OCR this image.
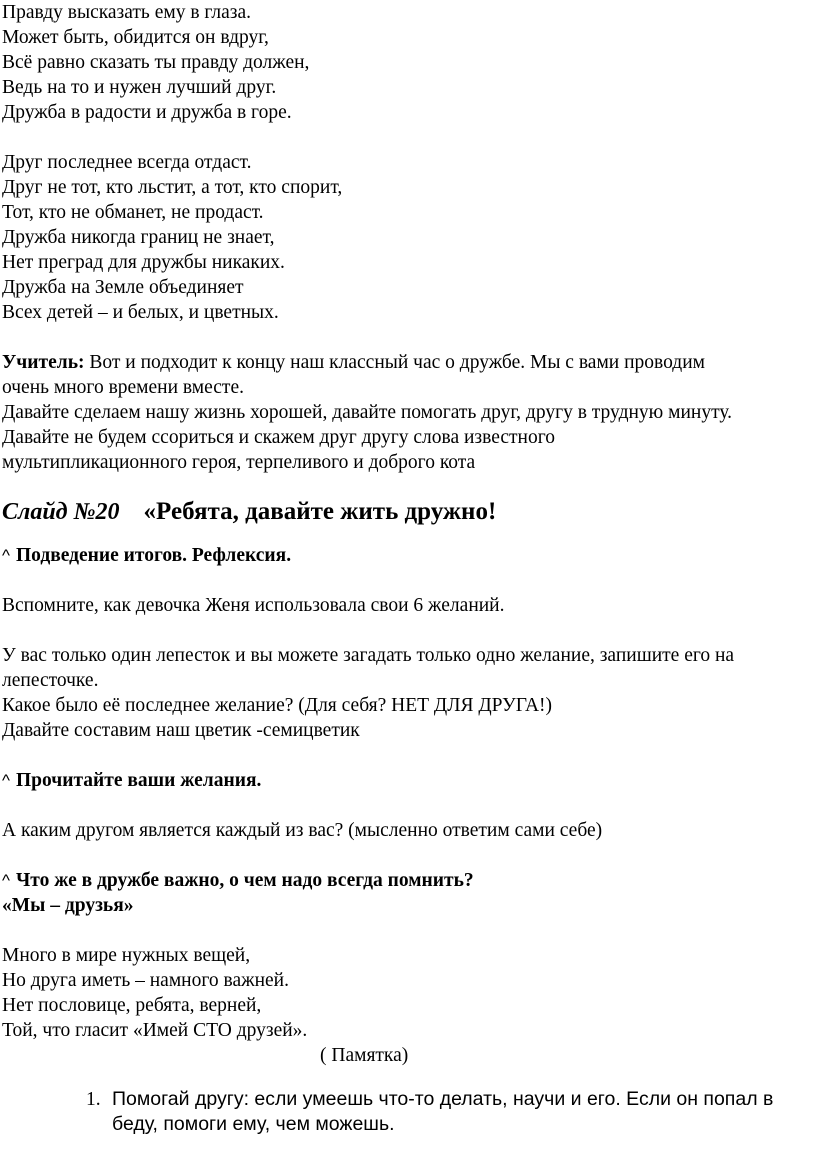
Правду высказать ему в глаза.
Может быть, обидится он вдруг,
Всё равно сказать ты правду должен,
Ведь на то и нужен лучший друг.
Дружба в радости и дружба в горе.
Друг последнее всегда отдаст.
Друг не тот, кто льстит, а тот, кто спорит,
Тот, кто не обманет, не продаст.
Дружба никогда границ не знает,
Нет преград для дружбы никаких.
Дружба на Земле объединяет
Всех детей – и белых, и цветных.
Учитель: Вот и подходит к концу наш классный час о дружбе. Мы с вами проводим
очень много времени вместе.
Давайте сделаем нашу жизнь хорошей, давайте помогать друг, другу в трудную минуту.
Давайте не будем ссориться и скажем друг другу слова известного
мультипликационного героя, терпеливого и доброго кота
Слайд №20 «Ребята, давайте жить дружно!
^ Подведение итогов. Рефлексия.
Вспомните, как девочка Женя использовала свои 6 желаний.
У вас только один лепесток и вы можете загадать только одно желание, запишите его на
лепесточке.
Какое было её последнее желание? (Для себя? НЕТ ДЛЯ ДРУГА!)
Давайте составим наш цветик -семицветик
^ Прочитайте ваши желания.
А каким другом является каждый из вас? (мысленно ответим сами себе)
^ Что же в дружбе важно, о чем надо всегда помнить?
«Мы – друзья»
Много в мире нужных вещей,
Но друга иметь – намного важней.
Нет пословице, ребята, верней,
Той, что гласит «Имей СТО друзей».
( Памятка)
1. Помогай другу: если умеешь что-то делать, научи и его. Если он попал в беду, помоги ему, чем можешь.
